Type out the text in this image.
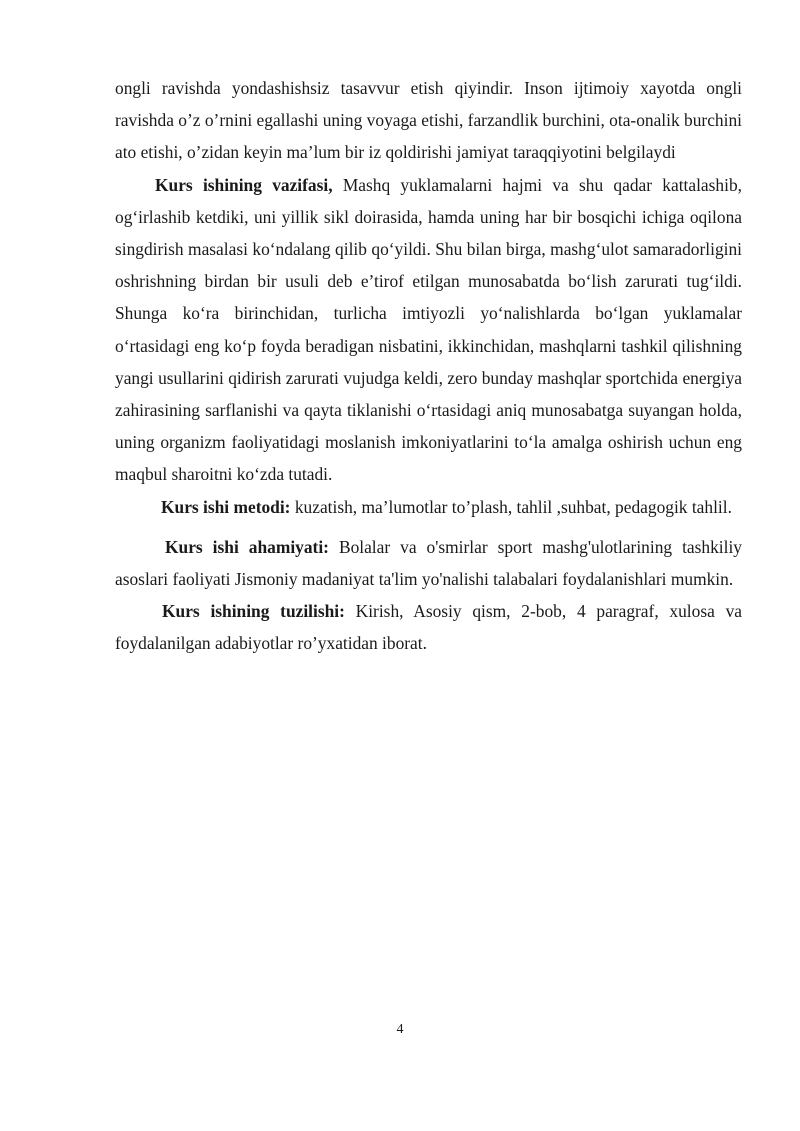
ongli ravishda yondashishsiz tasavvur etish qiyindir. Inson ijtimoiy xayotda ongli ravishda o’z o’rnini egallashi uning voyaga etishi, farzandlik burchini, ota-onalik burchini ato etishi, o’zidan keyin ma’lum bir iz qoldirishi jamiyat taraqqiyotini belgilaydi

Kurs ishining vazifasi, Mashq yuklamalarni hajmi va shu qadar kattalashib, og‘irlashib ketdiki, uni yillik sikl doirasida, hamda uning har bir bosqichi ichiga oqilona singdirish masalasi ko‘ndalang qilib qo‘yildi. Shu bilan birga, mashg‘ulot samaradorligini oshrishning birdan bir usuli deb e’tirof etilgan munosabatda bo‘lish zarurati tug‘ildi. Shunga ko‘ra birinchidan, turlicha imtiyozli yo‘nalishlarda bo‘lgan yuklamalar o‘rtasidagi eng ko‘p foyda beradigan nisbatini, ikkinchidan, mashqlarni tashkil qilishning yangi usullarini qidirish zarurati vujudga keldi, zero bunday mashqlar sportchida energiya zahirasining sarflanishi va qayta tiklanishi o‘rtasidagi aniq munosabatga suyangan holda, uning organizm faoliyatidagi moslanish imkoniyatlarini to‘la amalga oshirish uchun eng maqbul sharoitni ko‘zda tutadi.

Kurs ishi metodi: kuzatish, ma’lumotlar to’plash, tahlil ,suhbat, pedagogik tahlil.

Kurs ishi ahamiyati: Bolalar va o'smirlar sport mashg'ulotlarining tashkiliy asoslari faoliyati Jismoniy madaniyat ta'lim yo'nalishi talabalari foydalanishlari mumkin.

Kurs ishining tuzilishi: Kirish, Asosiy qism, 2-bob, 4 paragraf, xulosa va foydalanilgan adabiyotlar ro’yxatidan iborat.

4
